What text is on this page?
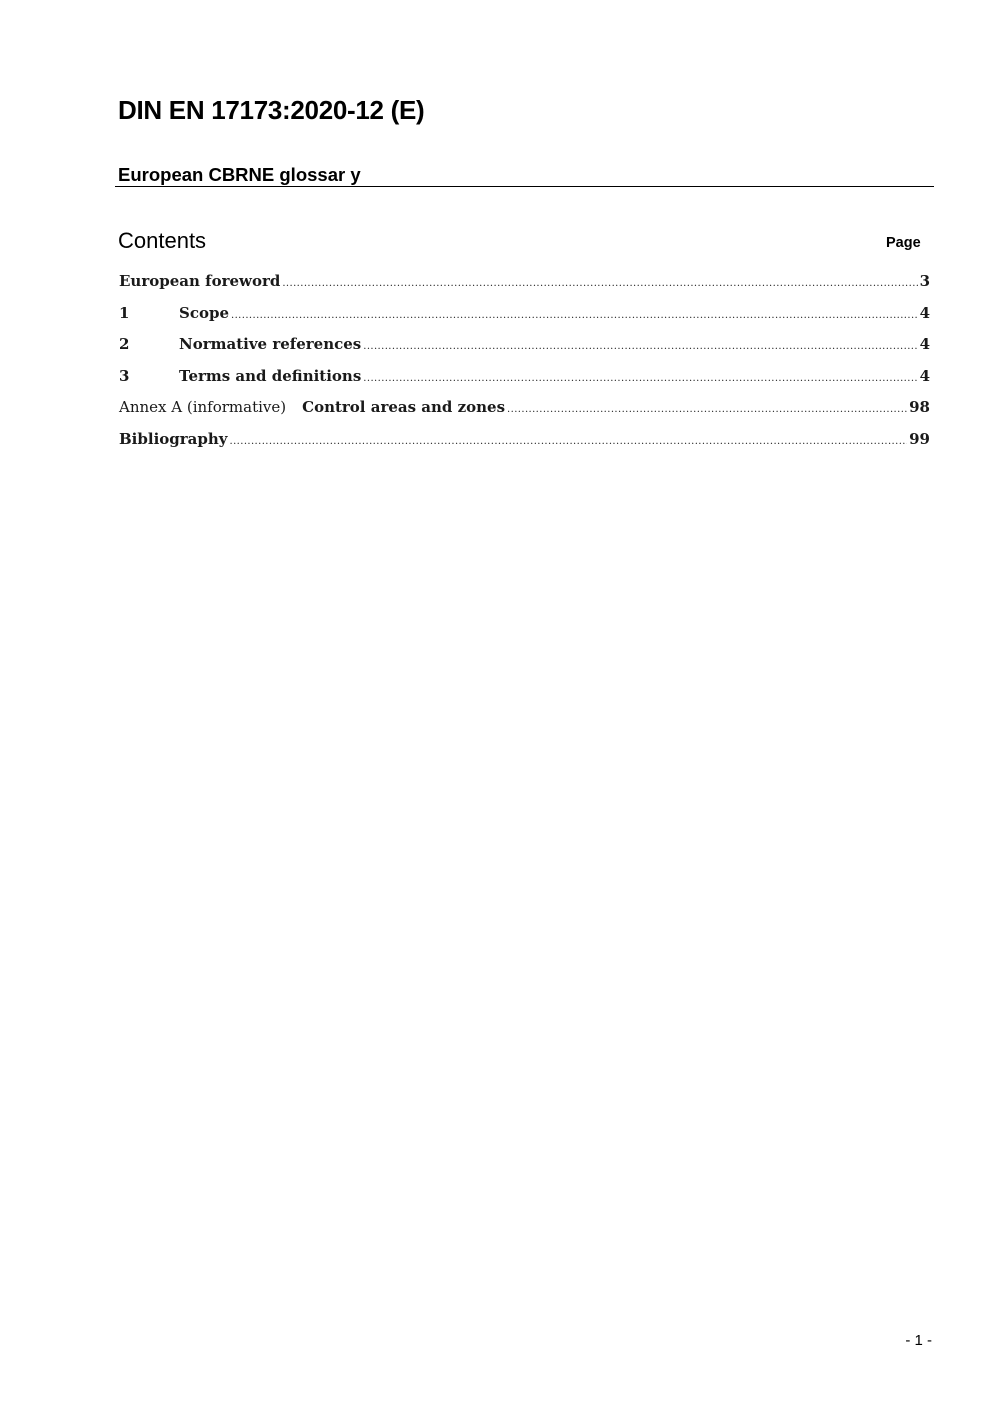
DIN EN 17173:2020-12 (E)
European CBRNE glossar y
Contents	Page
European foreword .....	3
1	Scope .....	4
2	Normative references .....	4
3	Terms and definitions .....	4
Annex A (informative)	Control areas and zones .....	98
Bibliography .....	99
- 1 -
